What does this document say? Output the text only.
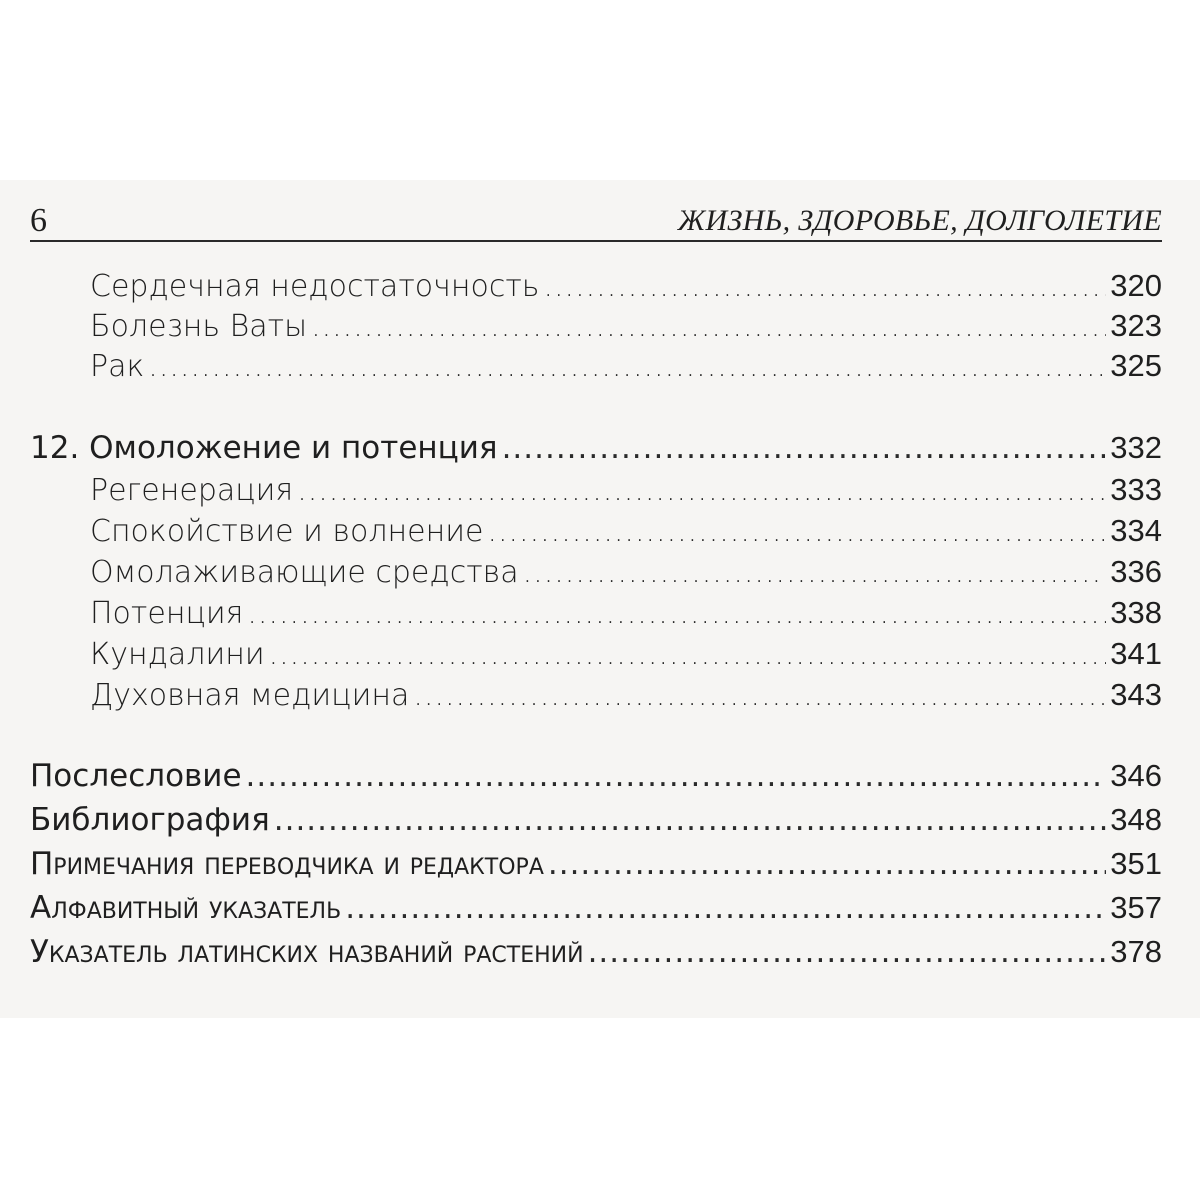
6	ЖИЗНЬ, ЗДОРОВЬЕ, ДОЛГОЛЕТИЕ
Сердечная недостаточность .....	320
Болезнь Ваты .....	323
Рак .....	325
12. Омоложение и потенция .....	332
Регенерация .....	333
Спокойствие и волнение .....	334
Омолаживающие средства .....	336
Потенция .....	338
Кундалини .....	341
Духовная медицина .....	343
Послесловие .....	346
Библиография .....	348
Примечания переводчика и редактора .....	351
Алфавитный указатель .....	357
Указатель латинских названий растений .....	378
